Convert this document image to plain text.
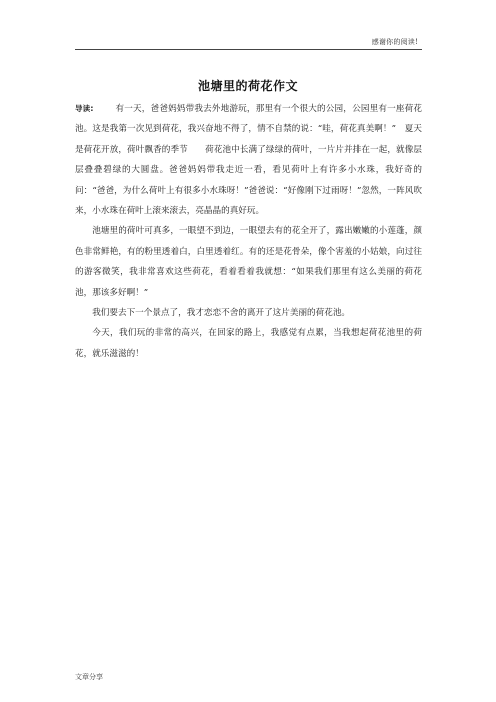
感谢你的阅读!
池塘里的荷花作文

导读:	有一天，爸爸妈妈带我去外地游玩，那里有一个很大的公园，公园里有一座荷花池。这是我第一次见到荷花，我兴奋地不得了，情不自禁的说：“哇，荷花真美啊！”　夏天是荷花开放，荷叶飘香的季节　　荷花池中长满了绿绿的荷叶，一片片并排在一起，就像层层叠叠碧绿的大圆盘。爸爸妈妈带我走近一看，看见荷叶上有许多小水珠，我好奇的问：“爸爸，为什么荷叶上有很多小水珠呀！”爸爸说：“好像刚下过雨呀！”忽然，一阵风吹来，小水珠在荷叶上滚来滚去，亮晶晶的真好玩。

池塘里的荷叶可真多，一眼望不到边，一眼望去有的花全开了，露出嫩嫩的小莲蓬，颜色非常鲜艳，有的粉里透着白，白里透着红。有的还是花骨朵，像个害羞的小姑娘，向过往的游客微笑，我非常喜欢这些荷花，看着看着我就想：“如果我们那里有这么美丽的荷花池，那该多好啊！”

我们要去下一个景点了，我才恋恋不舍的离开了这片美丽的荷花池。

今天，我们玩的非常的高兴，在回家的路上，我感觉有点累，当我想起荷花池里的荷花，就乐滋滋的！

文章分享
